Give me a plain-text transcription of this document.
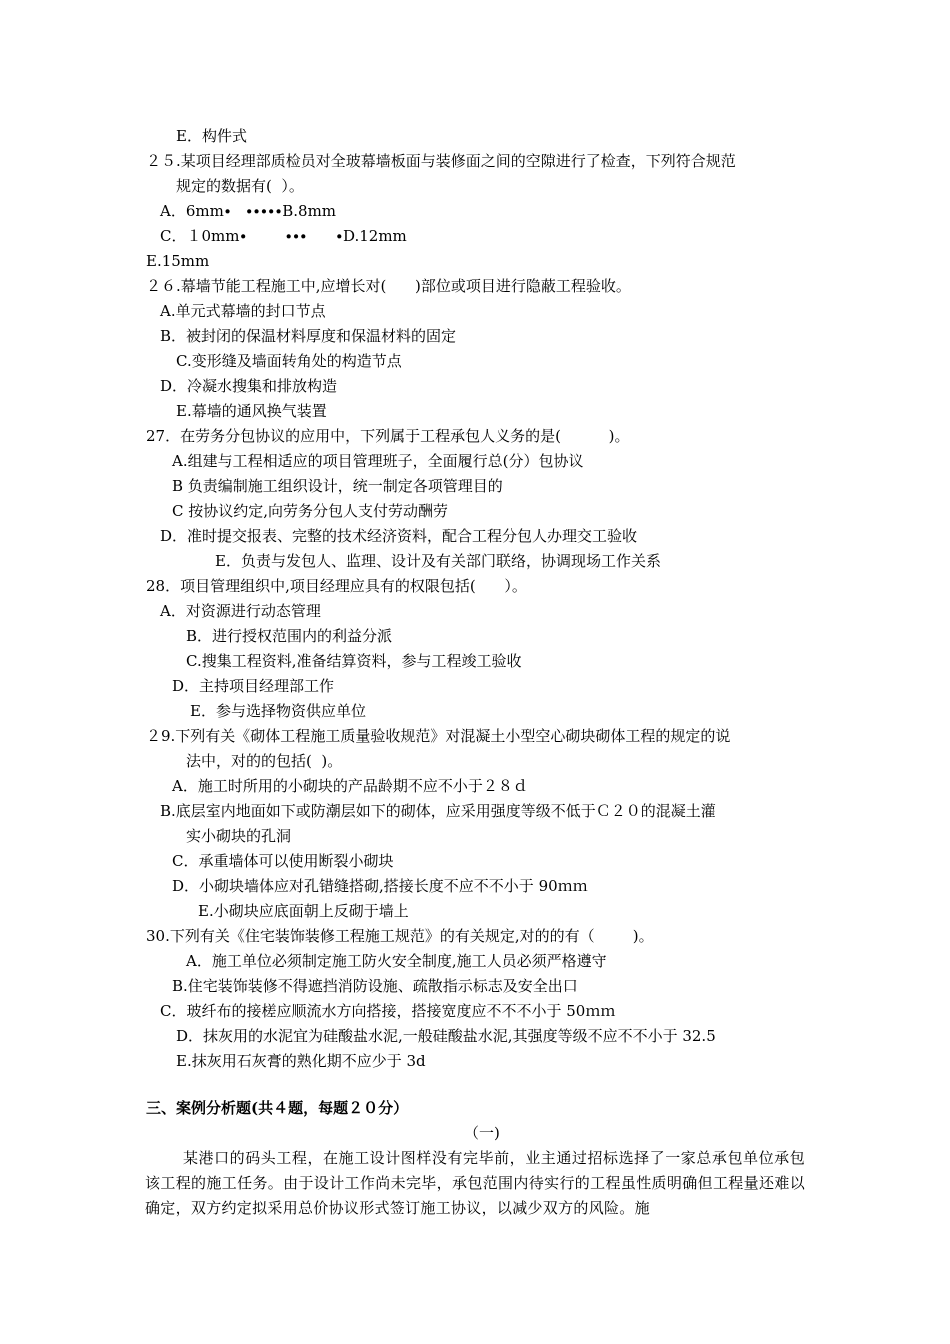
E．构件式
２５.某项目经理部质检员对全玻幕墙板面与装修面之间的空隙进行了检查，下列符合规范
规定的数据有(  ）。
A．6mm∙   ∙∙∙∙∙B.8mm
C．１0mm∙        ∙∙∙      ∙D.12mm
E.15mm
２６.幕墙节能工程施工中,应增长对(      )部位或项目进行隐蔽工程验收。
A.单元式幕墙的封口节点
B．被封闭的保温材料厚度和保温材料的固定
C.变形缝及墙面转角处的构造节点
D．冷凝水搜集和排放构造
E.幕墙的通风换气装置
27．在劳务分包协议的应用中，下列属于工程承包人义务的是(          )。
A.组建与工程相适应的项目管理班子，全面履行总(分）包协议
B 负责编制施工组织设计，统一制定各项管理目的
C 按协议约定,向劳务分包人支付劳动酬劳
D．准时提交报表、完整的技术经济资料，配合工程分包人办理交工验收
E．负责与发包人、监理、设计及有关部门联络，协调现场工作关系
28．项目管理组织中,项目经理应具有的权限包括(      ）。
A．对资源进行动态管理
B．进行授权范围内的利益分派
C.搜集工程资料,准备结算资料，参与工程竣工验收
D．主持项目经理部工作
E．参与选择物资供应单位
２9.下列有关《砌体工程施工质量验收规范》对混凝土小型空心砌块砌体工程的规定的说
法中，对的的包括(  )。
A．施工时所用的小砌块的产品龄期不应不小于２８ｄ
B.底层室内地面如下或防潮层如下的砌体，应采用强度等级不低于Ｃ２０的混凝土灌
实小砌块的孔洞
C．承重墙体可以使用断裂小砌块
D．小砌块墙体应对孔错缝搭砌,搭接长度不应不不小于 90ｍｍ
E.小砌块应底面朝上反砌于墙上
30.下列有关《住宅装饰装修工程施工规范》的有关规定,对的的有（        )。
A．施工单位必须制定施工防火安全制度,施工人员必须严格遵守
B.住宅装饰装修不得遮挡消防设施、疏散指示标志及安全出口
C．玻纤布的接槎应顺流水方向搭接，搭接宽度应不不不小于 50ｍｍ
D．抹灰用的水泥宜为硅酸盐水泥,一般硅酸盐水泥,其强度等级不应不不小于 32.5
E.抹灰用石灰膏的熟化期不应少于 3d
三、案例分析题(共４题，每题２０分）
（一)
某港口的码头工程，在施工设计图样没有完毕前，业主通过招标选择了一家总承包单位承包该工程的施工任务。由于设计工作尚未完毕，承包范围内待实行的工程虽性质明确但工程量还难以确定，双方约定拟采用总价协议形式签订施工协议，以减少双方的风险。施
